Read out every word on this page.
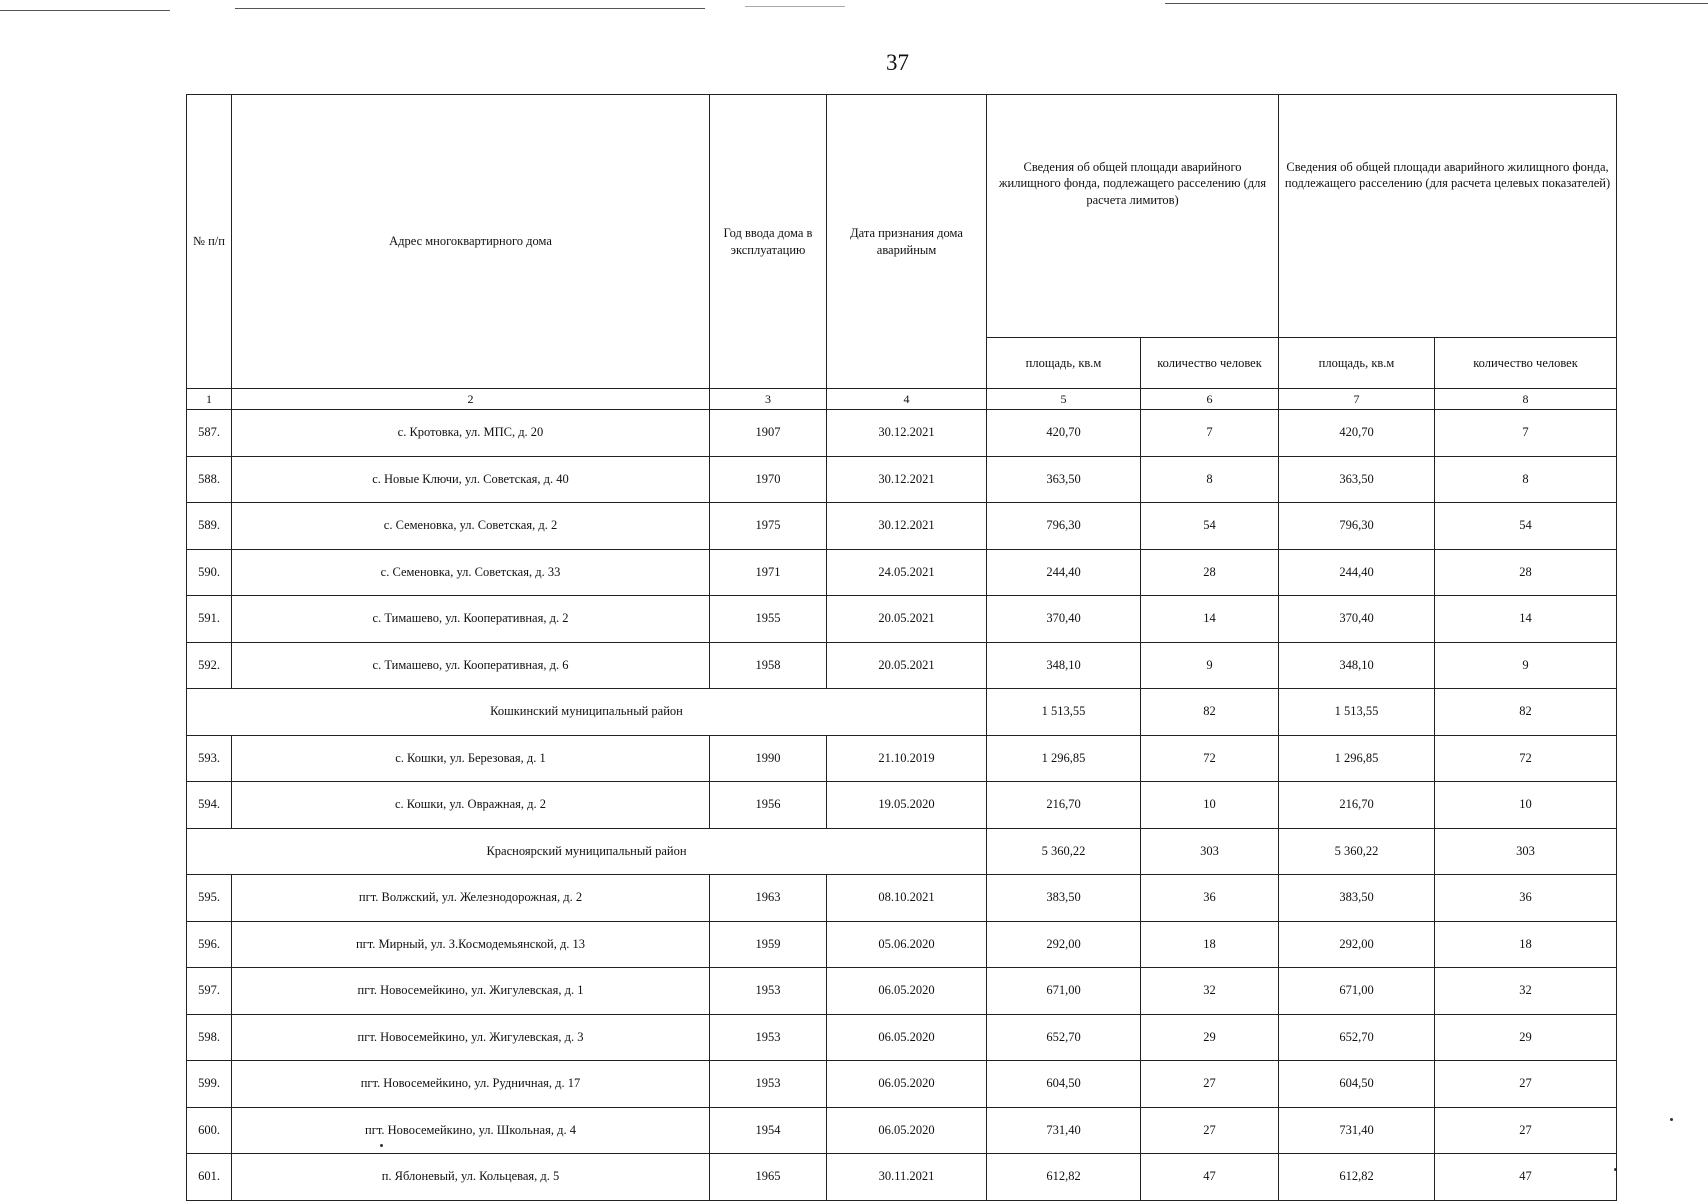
37
№ п/п	Адрес многоквартирного дома	Год ввода дома в эксплуатацию	Дата признания дома аварийным	Сведения об общей площади аварийного жилищного фонда, подлежащего расселению (для расчета лимитов)		Сведения об общей площади аварийного жилищного фонда, подлежащего расселению (для расчета целевых показателей)	
				площадь, кв.м	количество человек	площадь, кв.м	количество человек
1	2	3	4	5	6	7	8
587.	с. Кротовка, ул. МПС, д. 20	1907	30.12.2021	420,70	7	420,70	7
588.	с. Новые Ключи, ул. Советская, д. 40	1970	30.12.2021	363,50	8	363,50	8
589.	с. Семеновка, ул. Советская, д. 2	1975	30.12.2021	796,30	54	796,30	54
590.	с. Семеновка, ул. Советская, д. 33	1971	24.05.2021	244,40	28	244,40	28
591.	с. Тимашево, ул. Кооперативная, д. 2	1955	20.05.2021	370,40	14	370,40	14
592.	с. Тимашево, ул. Кооперативная, д. 6	1958	20.05.2021	348,10	9	348,10	9
Кошкинский муниципальный район				1 513,55	82	1 513,55	82
593.	с. Кошки, ул. Березовая, д. 1	1990	21.10.2019	1 296,85	72	1 296,85	72
594.	с. Кошки, ул. Овражная, д. 2	1956	19.05.2020	216,70	10	216,70	10
Красноярский муниципальный район				5 360,22	303	5 360,22	303
595.	пгт. Волжский, ул. Железнодорожная, д. 2	1963	08.10.2021	383,50	36	383,50	36
596.	пгт. Мирный, ул. З.Космодемьянской, д. 13	1959	05.06.2020	292,00	18	292,00	18
597.	пгт. Новосемейкино, ул. Жигулевская, д. 1	1953	06.05.2020	671,00	32	671,00	32
598.	пгт. Новосемейкино, ул. Жигулевская, д. 3	1953	06.05.2020	652,70	29	652,70	29
599.	пгт. Новосемейкино, ул. Рудничная, д. 17	1953	06.05.2020	604,50	27	604,50	27
600.	пгт. Новосемейкино, ул. Школьная, д. 4	1954	06.05.2020	731,40	27	731,40	27
601.	п. Яблоневый, ул. Кольцевая, д. 5	1965	30.11.2021	612,82	47	612,82	47
